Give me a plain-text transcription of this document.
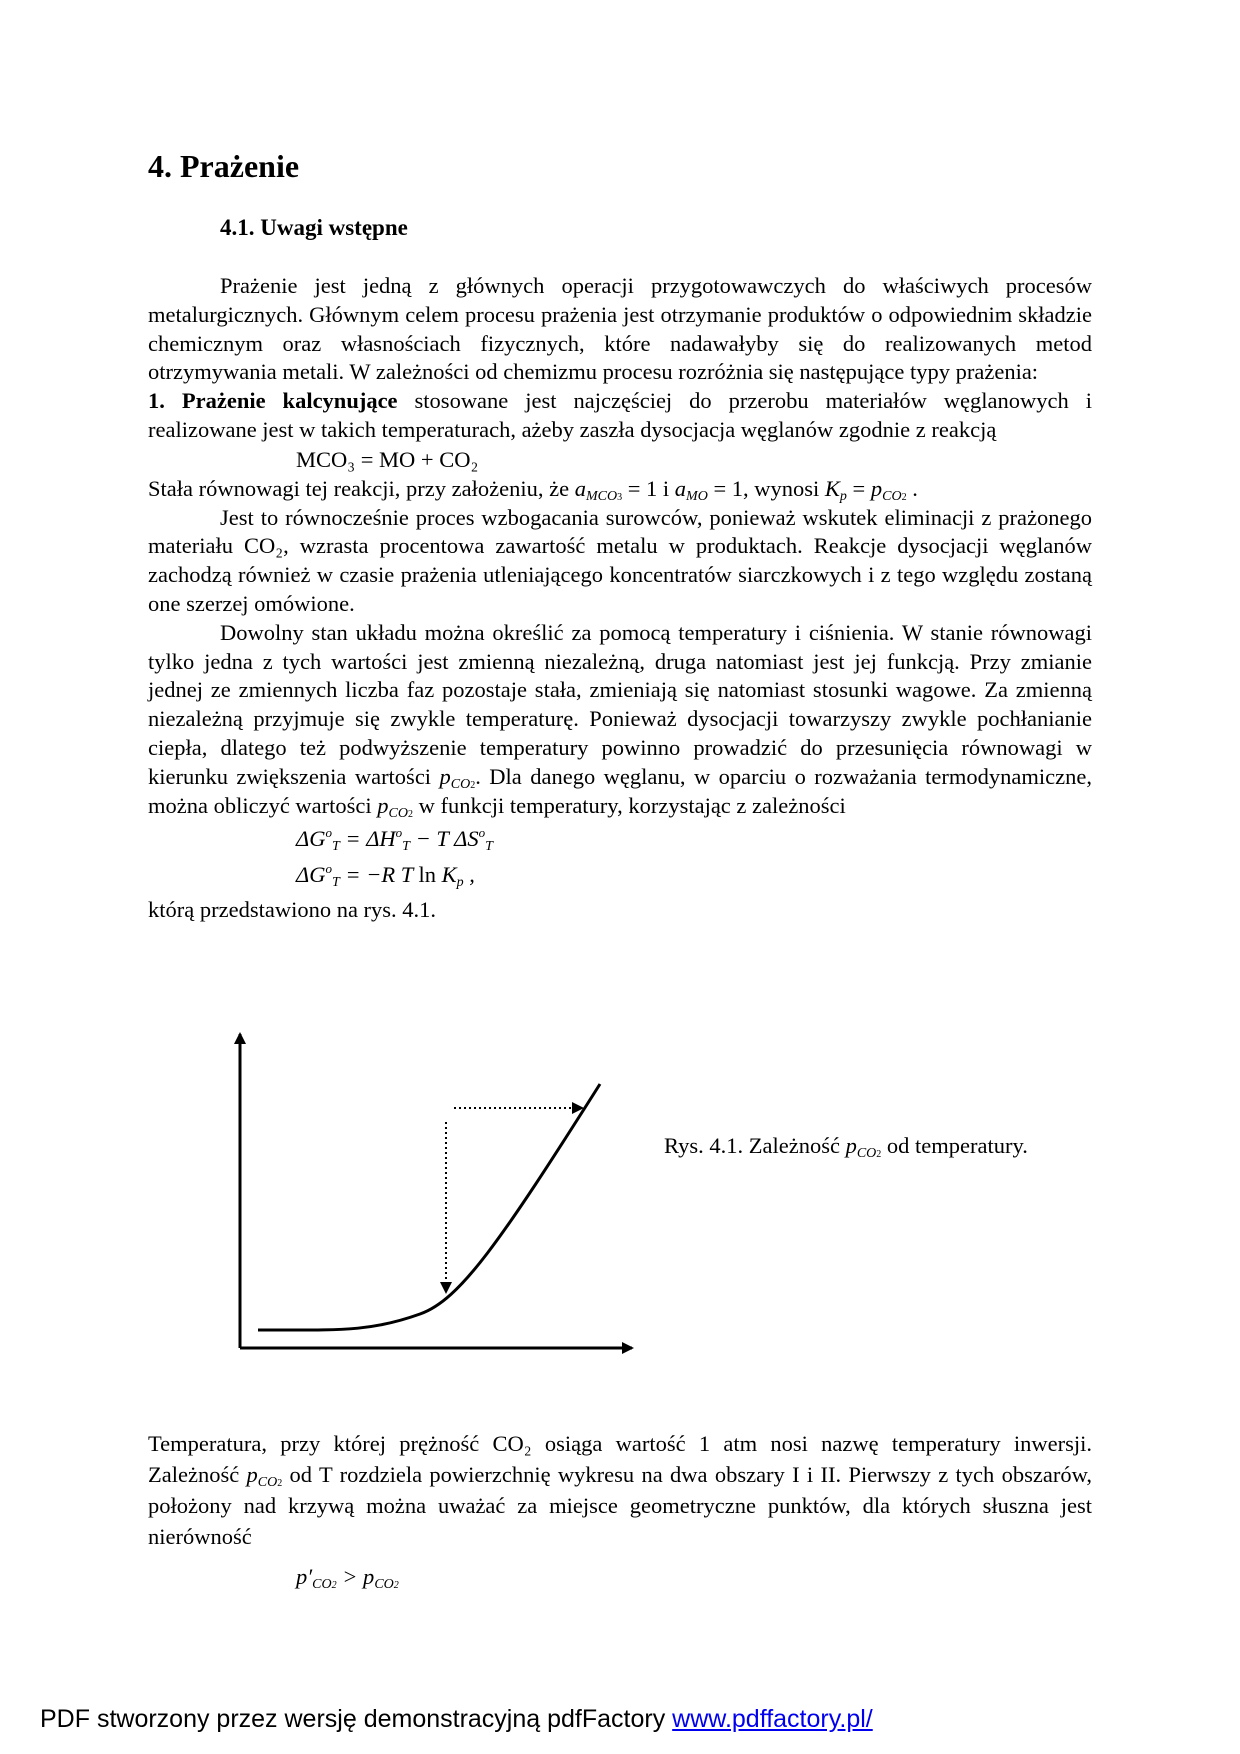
4. Prażenie
4.1. Uwagi wstępne

Prażenie jest jedną z głównych operacji przygotowawczych do właściwych procesów metalurgicznych. Głównym celem procesu prażenia jest otrzymanie produktów o odpowiednim składzie chemicznym oraz własnościach fizycznych, które nadawałyby się do realizowanych metod otrzymywania metali. W zależności od chemizmu procesu rozróżnia się następujące typy prażenia:

1. Prażenie kalcynujące stosowane jest najczęściej do przerobu materiałów węglanowych i realizowane jest w takich temperaturach, ażeby zaszła dysocjacja węglanów zgodnie z reakcją

MCO₃ = MO + CO₂

Stała równowagi tej reakcji, przy założeniu, że $a_{MCO3} = 1$ i $a_{MO} = 1$, wynosi $K_p = p_{CO2}$ .

Jest to równocześnie proces wzbogacania surowców, ponieważ wskutek eliminacji z prażonego materiału CO₂, wzrasta procentowa zawartość metalu w produktach. Reakcje dysocjacji węglanów zachodzą również w czasie prażenia utleniającego koncentratów siarczkowych i z tego względu zostaną one szerzej omówione.

Dowolny stan układu można określić za pomocą temperatury i ciśnienia. W stanie równowagi tylko jedna z tych wartości jest zmienną niezależną, druga natomiast jest jej funkcją. Przy zmianie jednej ze zmiennych liczba faz pozostaje stała, zmieniają się natomiast stosunki wagowe. Za zmienną niezależną przyjmuje się zwykle temperaturę. Ponieważ dysocjacji towarzyszy zwykle pochłanianie ciepła, dlatego też podwyższenie temperatury powinno prowadzić do przesunięcia równowagi w kierunku zwiększenia wartości $p_{CO2}$. Dla danego węglanu, w oparciu o rozważania termodynamiczne, można obliczyć wartości $p_{CO2}$ w funkcji temperatury, korzystając z zależności

$\Delta G^o_T = \Delta H^o_T - T$ $\Delta S^o_T$

$\Delta G^o_T = -R$ T $\ln K_p$ ,

którą przedstawiono na rys. 4.1.

Rys. 4.1. Zależność $p_{CO2}$ od temperatury.

Temperatura, przy której prężność CO₂ osiąga wartość 1 atm nosi nazwę temperatury inwersji. Zależność $p_{CO2}$ od T rozdziela powierzchnię wykresu na dwa obszary I i II. Pierwszy z tych obszarów, położony nad krzywą można uważać za miejsce geometryczne punktów, dla których słuszna jest nierówność

$p'_{CO2} > p_{CO2}$

PDF stworzony przez wersję demonstracyjną pdfFactory www.pdffactory.pl/
